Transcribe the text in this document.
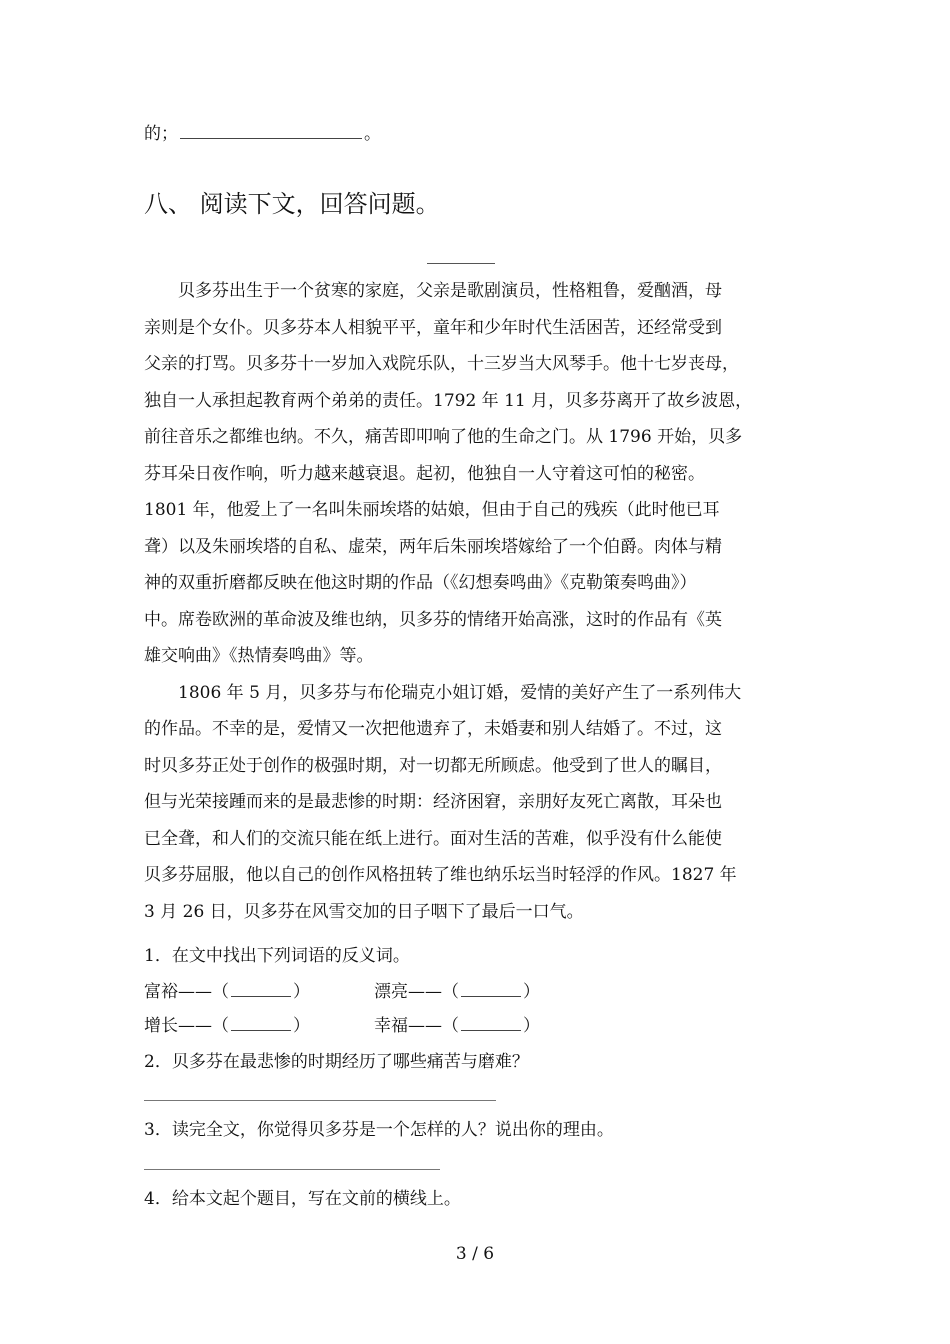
的；	。
八、 阅读下文，回答问题。
　　贝多芬出生于一个贫寒的家庭，父亲是歌剧演员，性格粗鲁，爱酗酒，母
亲则是个女仆。贝多芬本人相貌平平，童年和少年时代生活困苦，还经常受到
父亲的打骂。贝多芬十一岁加入戏院乐队，十三岁当大风琴手。他十七岁丧母，
独自一人承担起教育两个弟弟的责任。1792 年 11 月，贝多芬离开了故乡波恩，
前往音乐之都维也纳。不久，痛苦即叩响了他的生命之门。从 1796 开始，贝多
芬耳朵日夜作响，听力越来越衰退。起初，他独自一人守着这可怕的秘密。
1801 年，他爱上了一名叫朱丽埃塔的姑娘，但由于自己的残疾（此时他已耳
聋）以及朱丽埃塔的自私、虚荣，两年后朱丽埃塔嫁给了一个伯爵。肉体与精
神的双重折磨都反映在他这时期的作品（《幻想奏鸣曲》《克勒策奏鸣曲》）
中。席卷欧洲的革命波及维也纳，贝多芬的情绪开始高涨，这时的作品有《英
雄交响曲》《热情奏鸣曲》等。
　　1806 年 5 月，贝多芬与布伦瑞克小姐订婚，爱情的美好产生了一系列伟大
的作品。不幸的是，爱情又一次把他遗弃了，未婚妻和别人结婚了。不过，这
时贝多芬正处于创作的极强时期，对一切都无所顾虑。他受到了世人的瞩目，
但与光荣接踵而来的是最悲惨的时期：经济困窘，亲朋好友死亡离散，耳朵也
已全聋，和人们的交流只能在纸上进行。面对生活的苦难，似乎没有什么能使
贝多芬屈服，他以自己的创作风格扭转了维也纳乐坛当时轻浮的作风。1827 年
3 月 26 日，贝多芬在风雪交加的日子咽下了最后一口气。
1．在文中找出下列词语的反义词。
富裕——（	）	漂亮——（	）
增长——（	）	幸福——（	）
2．贝多芬在最悲惨的时期经历了哪些痛苦与磨难？
3．读完全文，你觉得贝多芬是一个怎样的人？说出你的理由。
4．给本文起个题目，写在文前的横线上。
3 / 6
